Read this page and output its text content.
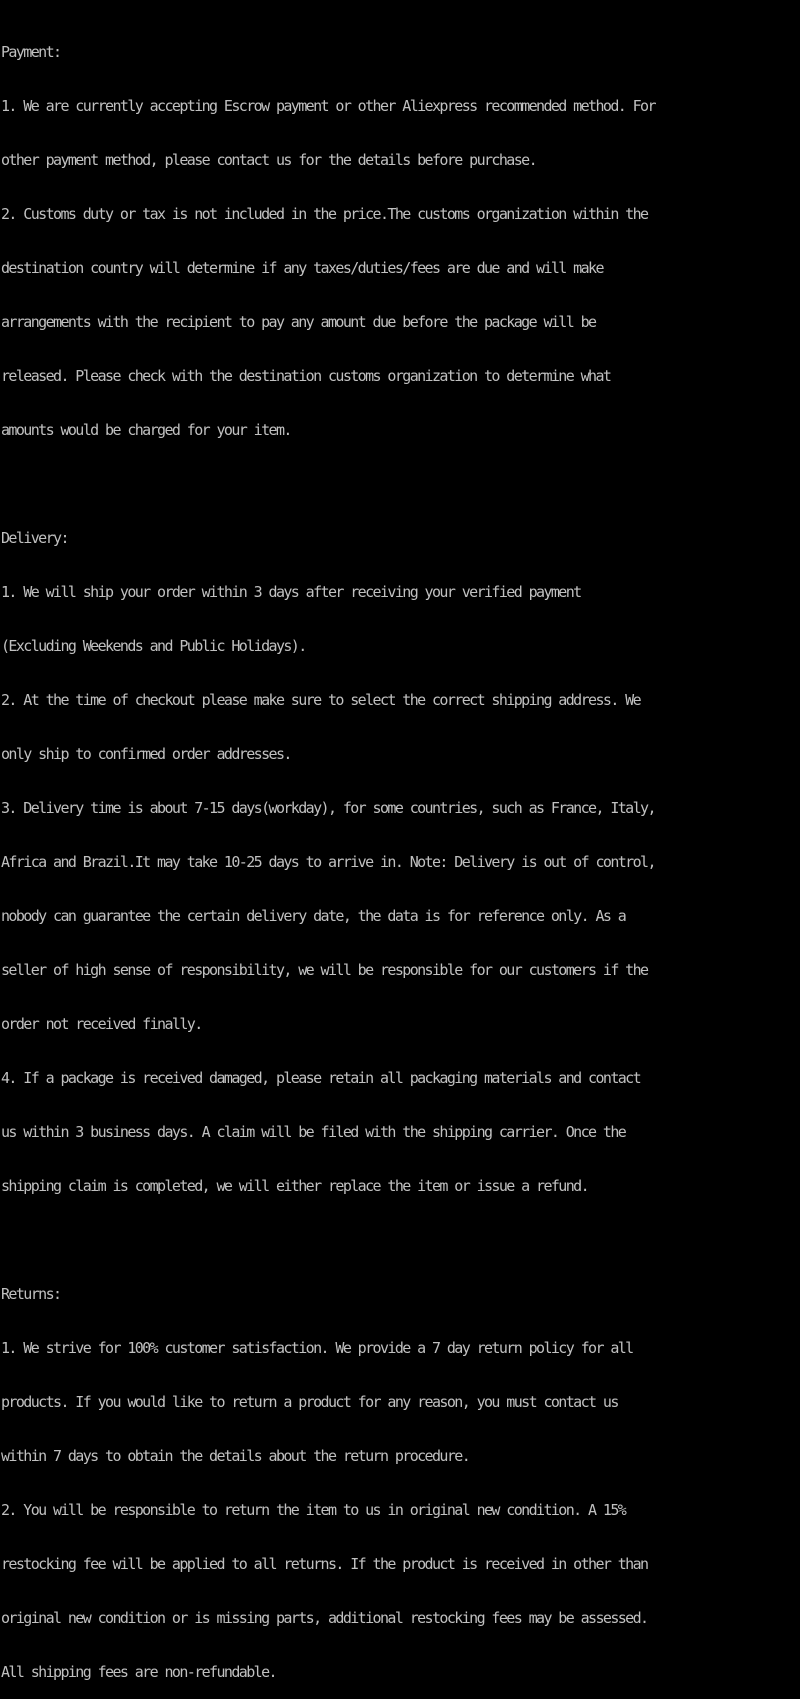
Payment:

1. We are currently accepting Escrow payment or other Aliexpress recommended method. For

other payment method, please contact us for the details before purchase.

2. Customs duty or tax is not included in the price.The customs organization within the

destination country will determine if any taxes/duties/fees are due and will make

arrangements with the recipient to pay any amount due before the package will be

released. Please check with the destination customs organization to determine what

amounts would be charged for your item.

Delivery:

1. We will ship your order within 3 days after receiving your verified payment

(Excluding Weekends and Public Holidays).

2. At the time of checkout please make sure to select the correct shipping address. We

only ship to confirmed order addresses.

3. Delivery time is about 7-15 days(workday), for some countries, such as France, Italy,

Africa and Brazil.It may take 10-25 days to arrive in. Note: Delivery is out of control,

nobody can guarantee the certain delivery date, the data is for reference only. As a

seller of high sense of responsibility, we will be responsible for our customers if the

order not received finally.

4. If a package is received damaged, please retain all packaging materials and contact

us within 3 business days. A claim will be filed with the shipping carrier. Once the

shipping claim is completed, we will either replace the item or issue a refund.

Returns:

1. We strive for 100% customer satisfaction. We provide a 7 day return policy for all

products. If you would like to return a product for any reason, you must contact us

within 7 days to obtain the details about the return procedure.

2. You will be responsible to return the item to us in original new condition. A 15%

restocking fee will be applied to all returns. If the product is received in other than

original new condition or is missing parts, additional restocking fees may be assessed.

All shipping fees are non-refundable.
